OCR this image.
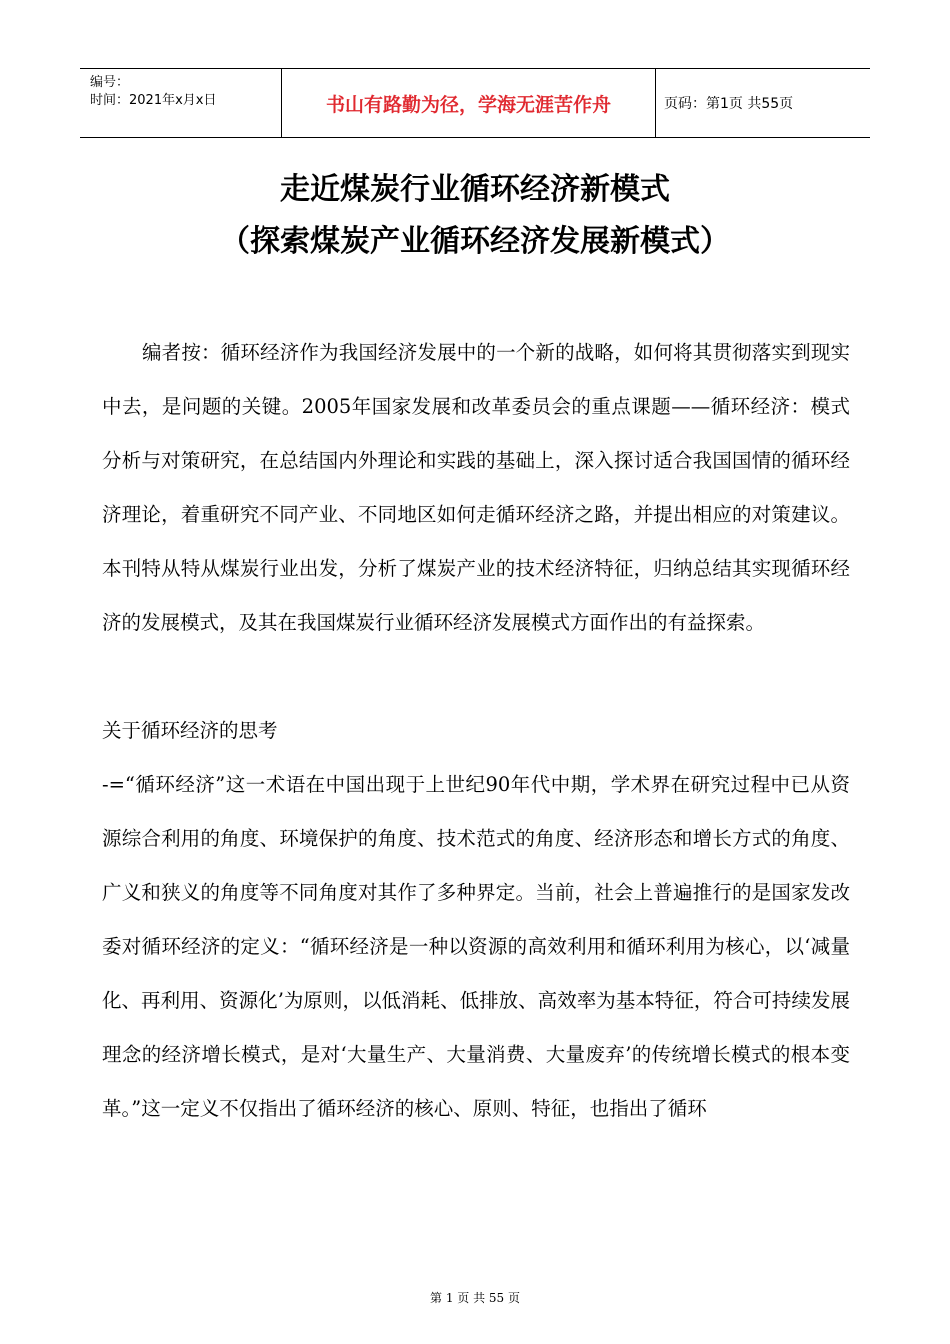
编号：
时间：2021年x月x日	书山有路勤为径，学海无涯苦作舟	页码：第1页 共55页
走近煤炭行业循环经济新模式
（探索煤炭产业循环经济发展新模式）

编者按：循环经济作为我国经济发展中的一个新的战略，如何将其贯彻落实到现实中去，是问题的关键。2005年国家发展和改革委员会的重点课题——循环经济：模式分析与对策研究，在总结国内外理论和实践的基础上，深入探讨适合我国国情的循环经济理论，着重研究不同产业、不同地区如何走循环经济之路，并提出相应的对策建议。本刊特从特从煤炭行业出发，分析了煤炭产业的技术经济特征，归纳总结其实现循环经济的发展模式，及其在我国煤炭行业循环经济发展模式方面作出的有益探索。

关于循环经济的思考

-=“循环经济”这一术语在中国出现于上世纪90年代中期，学术界在研究过程中已从资源综合利用的角度、环境保护的角度、技术范式的角度、经济形态和增长方式的角度、广义和狭义的角度等不同角度对其作了多种界定。当前，社会上普遍推行的是国家发改委对循环经济的定义：“循环经济是一种以资源的高效利用和循环利用为核心，以‘减量化、再利用、资源化’为原则，以低消耗、低排放、高效率为基本特征，符合可持续发展理念的经济增长模式，是对‘大量生产、大量消费、大量废弃’的传统增长模式的根本变革。”这一定义不仅指出了循环经济的核心、原则、特征，也指出了循环

第 1 页 共 55 页
